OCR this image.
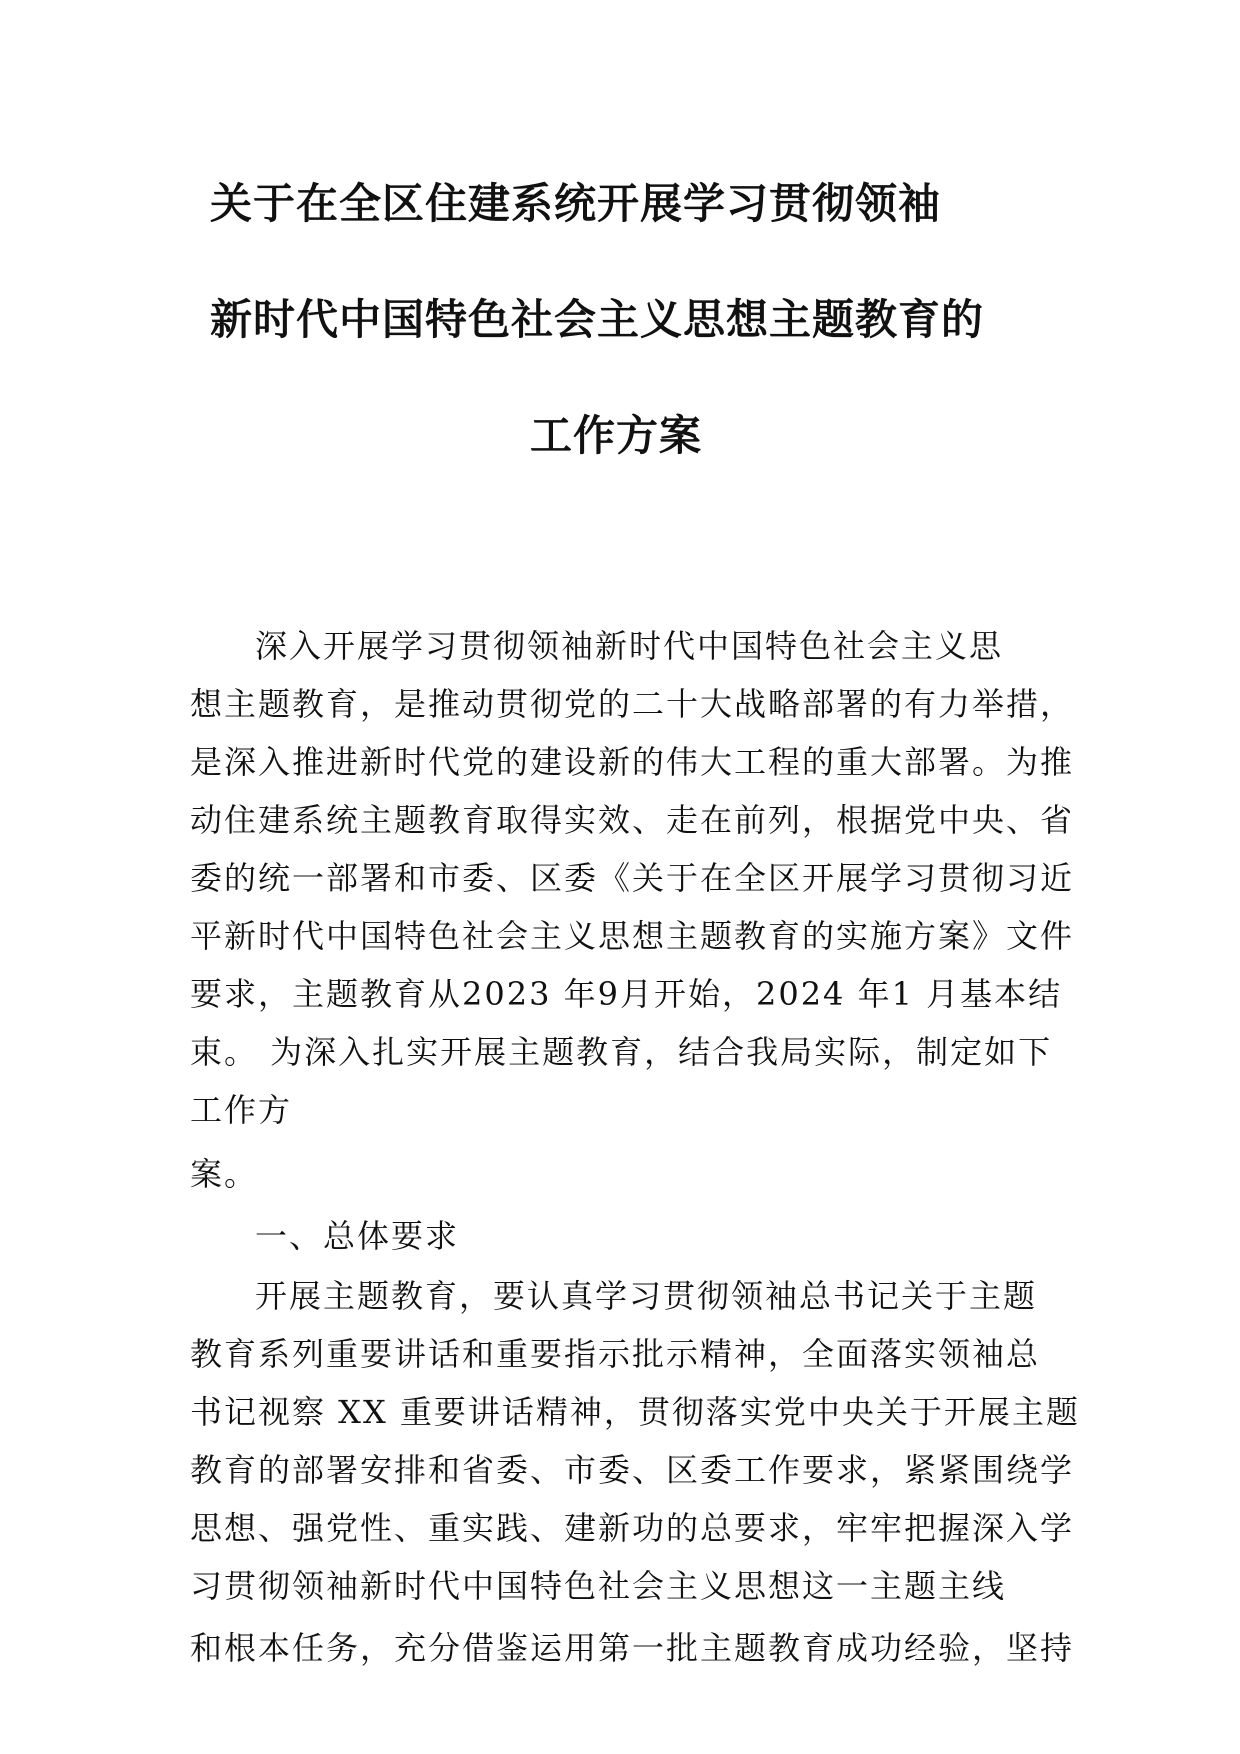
关于在全区住建系统开展学习贯彻领袖
新时代中国特色社会主义思想主题教育的
工作方案
深入开展学习贯彻领袖新时代中国特色社会主义思
想主题教育，是推动贯彻党的二十大战略部署的有力举措，
是深入推进新时代党的建设新的伟大工程的重大部署。为推
动住建系统主题教育取得实效、走在前列，根据党中央、省
委的统一部署和市委、区委《关于在全区开展学习贯彻习近
平新时代中国特色社会主义思想主题教育的实施方案》文件
要求，主题教育从2023 年9月开始，2024 年1 月基本结
束。 为深入扎实开展主题教育，结合我局实际，制定如下
工作方
案。
一、总体要求
开展主题教育，要认真学习贯彻领袖总书记关于主题
教育系列重要讲话和重要指示批示精神，全面落实领袖总
书记视察 XX 重要讲话精神，贯彻落实党中央关于开展主题
教育的部署安排和省委、市委、区委工作要求，紧紧围绕学
思想、强党性、重实践、建新功的总要求，牢牢把握深入学
习贯彻领袖新时代中国特色社会主义思想这一主题主线
和根本任务，充分借鉴运用第一批主题教育成功经验，坚持
